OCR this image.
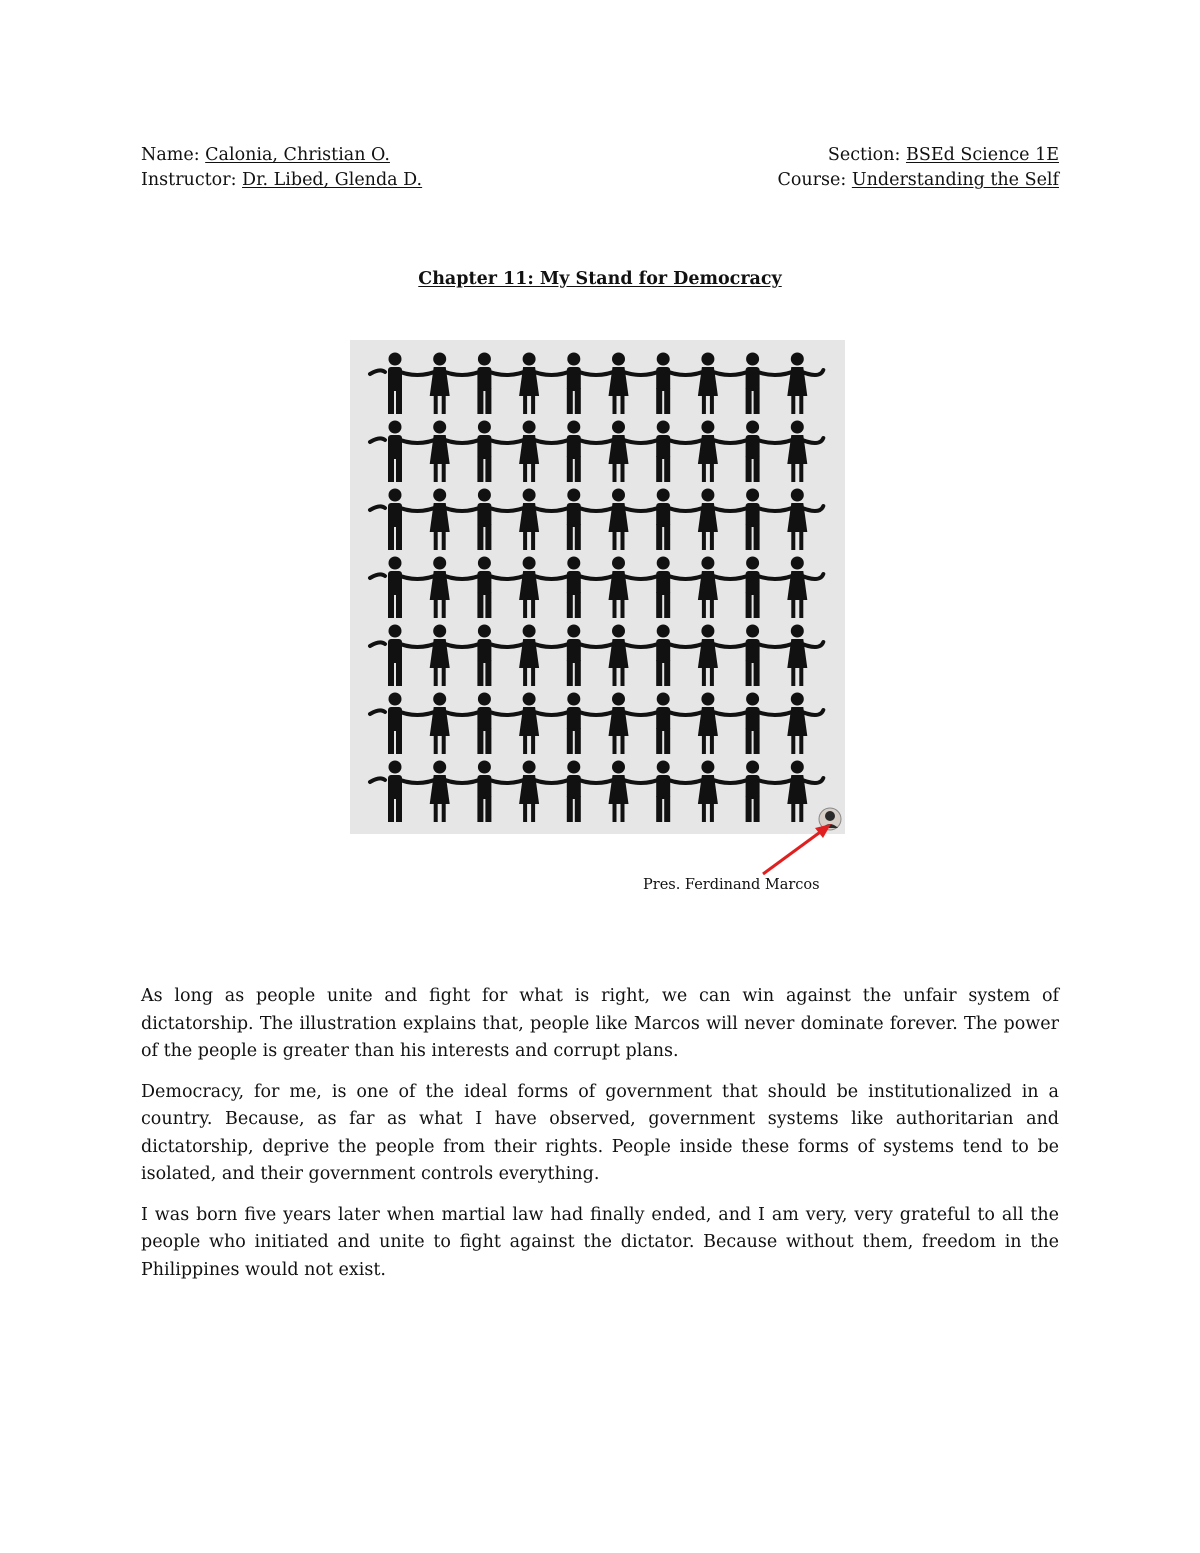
Name: Calonia, Christian O.	Section: BSEd Science 1E
Instructor: Dr. Libed, Glenda D.	Course: Understanding the Self
Chapter 11: My Stand for Democracy
Pres. Ferdinand Marcos

As long as people unite and fight for what is right, we can win against the unfair system of dictatorship. The illustration explains that, people like Marcos will never dominate forever. The power of the people is greater than his interests and corrupt plans.

Democracy, for me, is one of the ideal forms of government that should be institutionalized in a country. Because, as far as what I have observed, government systems like authoritarian and dictatorship, deprive the people from their rights. People inside these forms of systems tend to be isolated, and their government controls everything.

I was born five years later when martial law had finally ended, and I am very, very grateful to all the people who initiated and unite to fight against the dictator. Because without them, freedom in the Philippines would not exist.
